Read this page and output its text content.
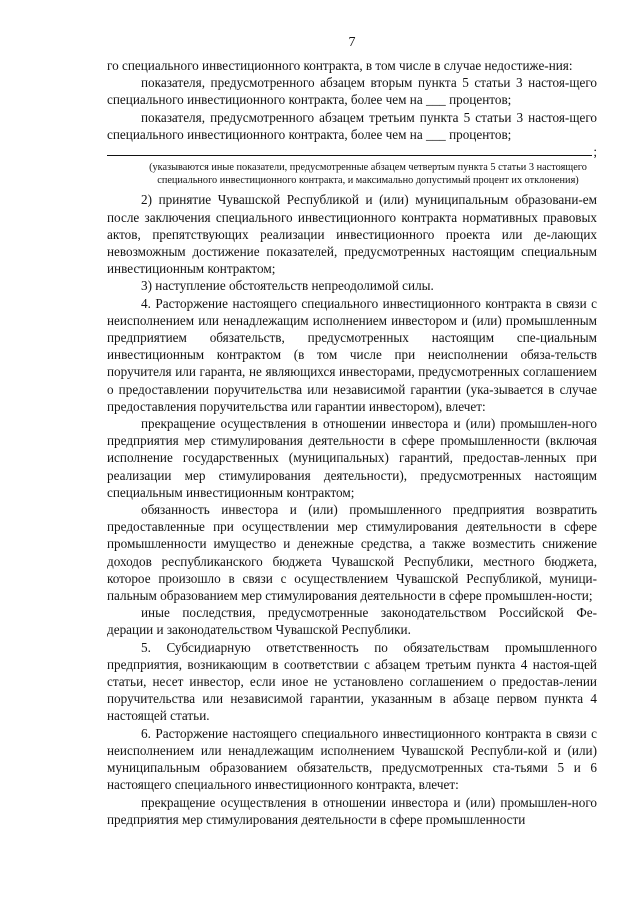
7

го специального инвестиционного контракта, в том числе в случае недостиже-ния:

показателя, предусмотренного абзацем вторым пункта 5 статьи 3 настоя-щего специального инвестиционного контракта, более чем на ___ процентов;

показателя, предусмотренного абзацем третьим пункта 5 статьи 3 настоя-щего специального инвестиционного контракта, более чем на ___ процентов;

;
(указываются иные показатели, предусмотренные абзацем четвертым пункта 5 статьи 3 настоящего специального инвестиционного контракта, и максимально допустимый процент их отклонения)

2) принятие Чувашской Республикой и (или) муниципальным образовани-ем после заключения специального инвестиционного контракта нормативных правовых актов, препятствующих реализации инвестиционного проекта или де-лающих невозможным достижение показателей, предусмотренных настоящим специальным инвестиционным контрактом;

3) наступление обстоятельств непреодолимой силы.

4. Расторжение настоящего специального инвестиционного контракта в связи с неисполнением или ненадлежащим исполнением инвестором и (или) промышленным предприятием обязательств, предусмотренных настоящим спе-циальным инвестиционным контрактом (в том числе при неисполнении обяза-тельств поручителя или гаранта, не являющихся инвесторами, предусмотренных соглашением о предоставлении поручительства или независимой гарантии (ука-зывается в случае предоставления поручительства или гарантии инвестором), влечет:

прекращение осуществления в отношении инвестора и (или) промышлен-ного предприятия мер стимулирования деятельности в сфере промышленности (включая исполнение государственных (муниципальных) гарантий, предостав-ленных при реализации мер стимулирования деятельности), предусмотренных настоящим специальным инвестиционным контрактом;

обязанность инвестора и (или) промышленного предприятия возвратить предоставленные при осуществлении мер стимулирования деятельности в сфере промышленности имущество и денежные средства, а также возместить снижение доходов республиканского бюджета Чувашской Республики, местного бюджета, которое произошло в связи с осуществлением Чувашской Республикой, муници-пальным образованием мер стимулирования деятельности в сфере промышлен-ности;

иные последствия, предусмотренные законодательством Российской Фе-дерации и законодательством Чувашской Республики.

5. Субсидиарную ответственность по обязательствам промышленного предприятия, возникающим в соответствии с абзацем третьим пункта 4 настоя-щей статьи, несет инвестор, если иное не установлено соглашением о предостав-лении поручительства или независимой гарантии, указанным в абзаце первом пункта 4 настоящей статьи.

6. Расторжение настоящего специального инвестиционного контракта в связи с неисполнением или ненадлежащим исполнением Чувашской Республи-кой и (или) муниципальным образованием обязательств, предусмотренных ста-тьями 5 и 6 настоящего специального инвестиционного контракта, влечет:

прекращение осуществления в отношении инвестора и (или) промышлен-ного предприятия мер стимулирования деятельности в сфере промышленности
